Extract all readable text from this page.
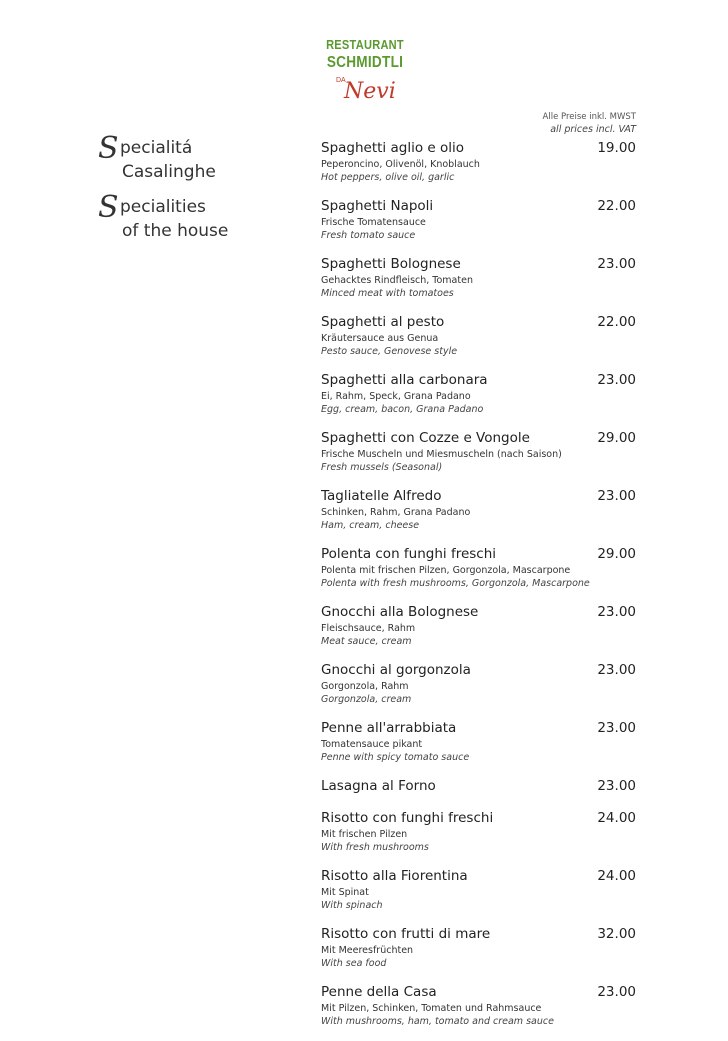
RESTAURANT
SCHMIDTLI
DA
Nevi
Alle Preise inkl. MWST
all prices incl. VAT
Specialitá
Casalinghe
Specialities
of the house
Spaghetti aglio e olio	19.00
Peperoncino, Olivenöl, Knoblauch
Hot peppers, olive oil, garlic
Spaghetti Napoli	22.00
Frische Tomatensauce
Fresh tomato sauce
Spaghetti Bolognese	23.00
Gehacktes Rindfleisch, Tomaten
Minced meat with tomatoes
Spaghetti al pesto	22.00
Kräutersauce aus Genua
Pesto sauce, Genovese style
Spaghetti alla carbonara	23.00
Ei, Rahm, Speck, Grana Padano
Egg, cream, bacon, Grana Padano
Spaghetti con Cozze e Vongole	29.00
Frische Muscheln und Miesmuscheln (nach Saison)
Fresh mussels (Seasonal)
Tagliatelle Alfredo	23.00
Schinken, Rahm, Grana Padano
Ham, cream, cheese
Polenta con funghi freschi	29.00
Polenta mit frischen Pilzen, Gorgonzola, Mascarpone
Polenta with fresh mushrooms, Gorgonzola, Mascarpone
Gnocchi alla Bolognese	23.00
Fleischsauce, Rahm
Meat sauce, cream
Gnocchi al gorgonzola	23.00
Gorgonzola, Rahm
Gorgonzola, cream
Penne all'arrabbiata	23.00
Tomatensauce pikant
Penne with spicy tomato sauce
Lasagna al Forno	23.00
Risotto con funghi freschi	24.00
Mit frischen Pilzen
With fresh mushrooms
Risotto alla Fiorentina	24.00
Mit Spinat
With spinach
Risotto con frutti di mare	32.00
Mit Meeresfrüchten
With sea food
Penne della Casa	23.00
Mit Pilzen, Schinken, Tomaten und Rahmsauce
With mushrooms, ham, tomato and cream sauce
